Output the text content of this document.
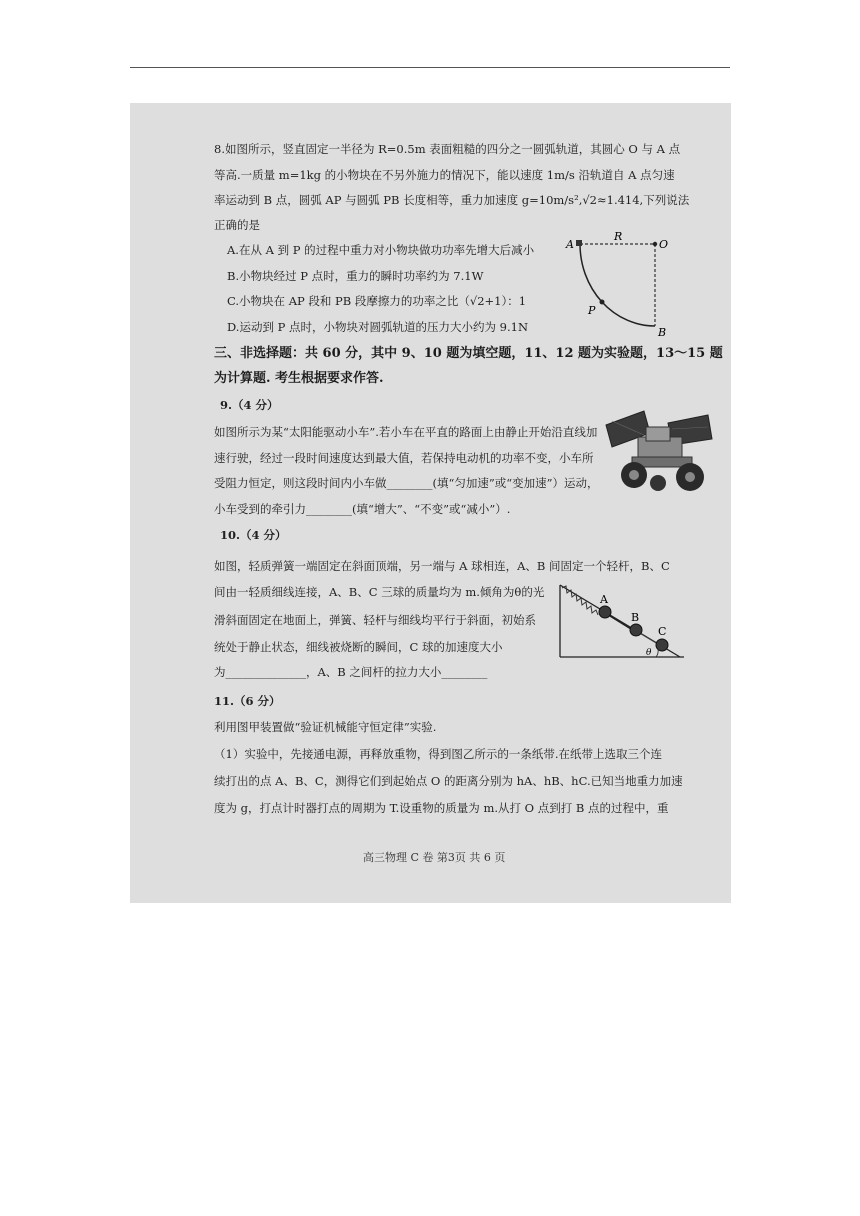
8.如图所示，竖直固定一半径为 R=0.5m 表面粗糙的四分之一圆弧轨道，其圆心 O 与 A 点
等高.一质量 m=1kg 的小物块在不另外施力的情况下，能以速度 1m/s 沿轨道自 A 点匀速
率运动到 B 点，圆弧 AP 与圆弧 PB 长度相等，重力加速度 g=10m/s²,√2≈1.414,下列说法
正确的是
A.在从 A 到 P 的过程中重力对小物块做功功率先增大后减小
B.小物块经过 P 点时，重力的瞬时功率约为 7.1W
C.小物块在 AP 段和 PB 段摩擦力的功率之比（√2+1）：1
D.运动到 P 点时，小物块对圆弧轨道的压力大小约为 9.1N
A
R
O
P
B
三、非选择题：共 60 分，其中 9、10 题为填空题，11、12 题为实验题，13～15 题
为计算题. 考生根据要求作答.
9.（4 分）
如图所示为某“太阳能驱动小车”.若小车在平直的路面上由静止开始沿直线加
速行驶，经过一段时间速度达到最大值，若保持电动机的功率不变，小车所
受阻力恒定，则这段时间内小车做________(填“匀加速”或“变加速”）运动，
小车受到的牵引力________(填“增大”、“不变”或“减小”）.
10.（4 分）
如图，轻质弹簧一端固定在斜面顶端，另一端与 A 球相连，A、B 间固定一个轻杆，B、C
间由一轻质细线连接，A、B、C 三球的质量均为 m.倾角为θ的光
滑斜面固定在地面上，弹簧、轻杆与细线均平行于斜面，初始系
统处于静止状态，细线被烧断的瞬间，C 球的加速度大小
为______________，A、B 之间杆的拉力大小________
A
B
C
θ
11.（6 分）
利用图甲装置做“验证机械能守恒定律”实验.
（1）实验中，先接通电源，再释放重物，得到图乙所示的一条纸带.在纸带上选取三个连
续打出的点 A、B、C，测得它们到起始点 O 的距离分别为 hA、hB、hC.已知当地重力加速
度为 g，打点计时器打点的周期为 T.设重物的质量为 m.从打 O 点到打 B 点的过程中，重
高三物理 C 卷 第3页 共 6 页
